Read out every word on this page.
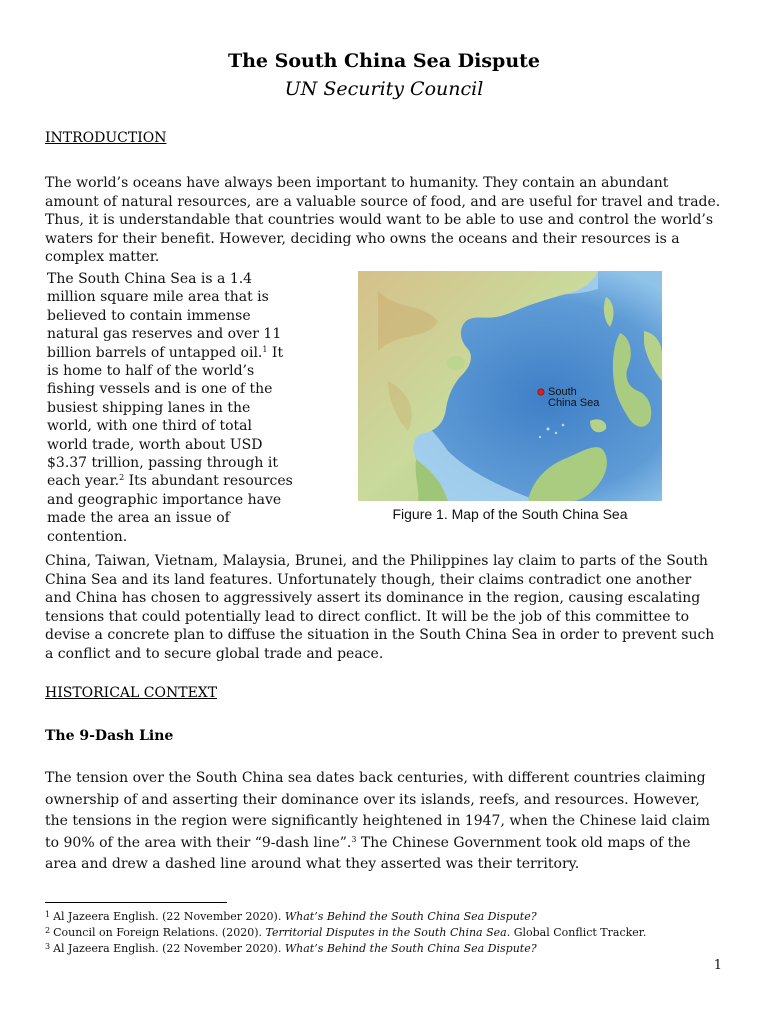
The South China Sea Dispute
UN Security Council
INTRODUCTION

The world’s oceans have always been important to humanity. They contain an abundant amount of natural resources, are a valuable source of food, and are useful for travel and trade. Thus, it is understandable that countries would want to be able to use and control the world’s waters for their benefit. However, deciding who owns the oceans and their resources is a complex matter.

The South China Sea is a 1.4 million square mile area that is believed to contain immense natural gas reserves and over 11 billion barrels of untapped oil.$^1$ It is home to half of the world’s fishing vessels and is one of the busiest shipping lanes in the world, with one third of total world trade, worth about USD $3.37 trillion, passing through it each year.$^2$ Its abundant resources and geographic importance have made the area an issue of contention.

South
China Sea
Figure 1. Map of the South China Sea

China, Taiwan, Vietnam, Malaysia, Brunei, and the Philippines lay claim to parts of the South China Sea and its land features. Unfortunately though, their claims contradict one another and China has chosen to aggressively assert its dominance in the region, causing escalating tensions that could potentially lead to direct conflict. It will be the job of this committee to devise a concrete plan to diffuse the situation in the South China Sea in order to prevent such a conflict and to secure global trade and peace.

HISTORICAL CONTEXT
The 9-Dash Line

The tension over the South China sea dates back centuries, with different countries claiming ownership of and asserting their dominance over its islands, reefs, and resources. However, the tensions in the region were significantly heightened in 1947, when the Chinese laid claim to 90% of the area with their “9-dash line”.$^3$ The Chinese Government took old maps of the area and drew a dashed line around what they asserted was their territory.

$^1$ Al Jazeera English. (22 November 2020). What’s Behind the South China Sea Dispute?
$^2$ Council on Foreign Relations. (2020). Territorial Disputes in the South China Sea. Global Conflict Tracker.
$^3$ Al Jazeera English. (22 November 2020). What’s Behind the South China Sea Dispute?
1
